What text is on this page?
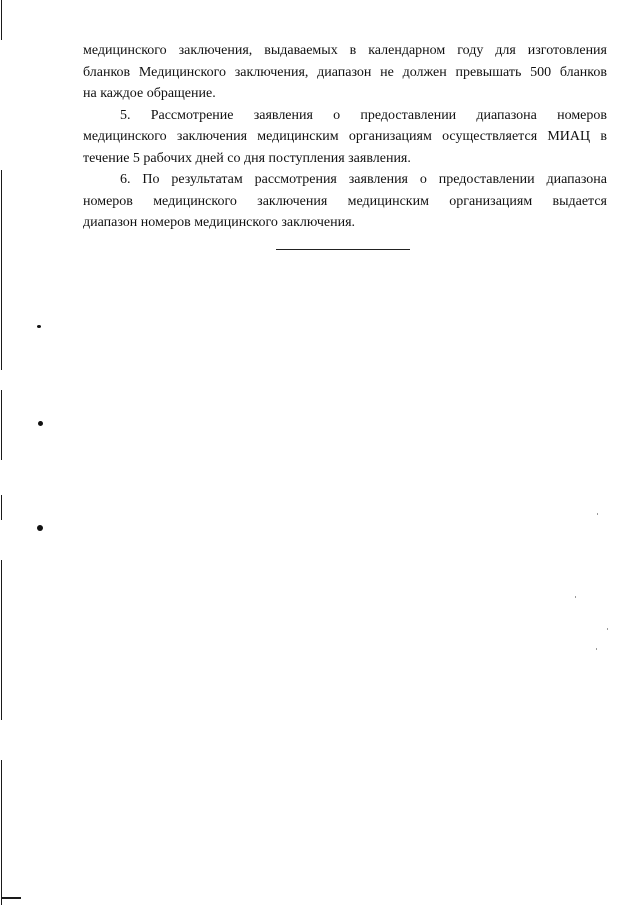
медицинского заключения, выдаваемых в календарном году для изготовления
бланков Медицинского заключения, диапазон не должен превышать 500 бланков
на каждое обращение.

5. Рассмотрение заявления о предоставлении диапазона номеров
медицинского заключения медицинским организациям осуществляется МИАЦ в
течение 5 рабочих дней со дня поступления заявления.

6. По результатам рассмотрения заявления о предоставлении диапазона
номеров медицинского заключения медицинским организациям выдается
диапазон номеров медицинского заключения.
